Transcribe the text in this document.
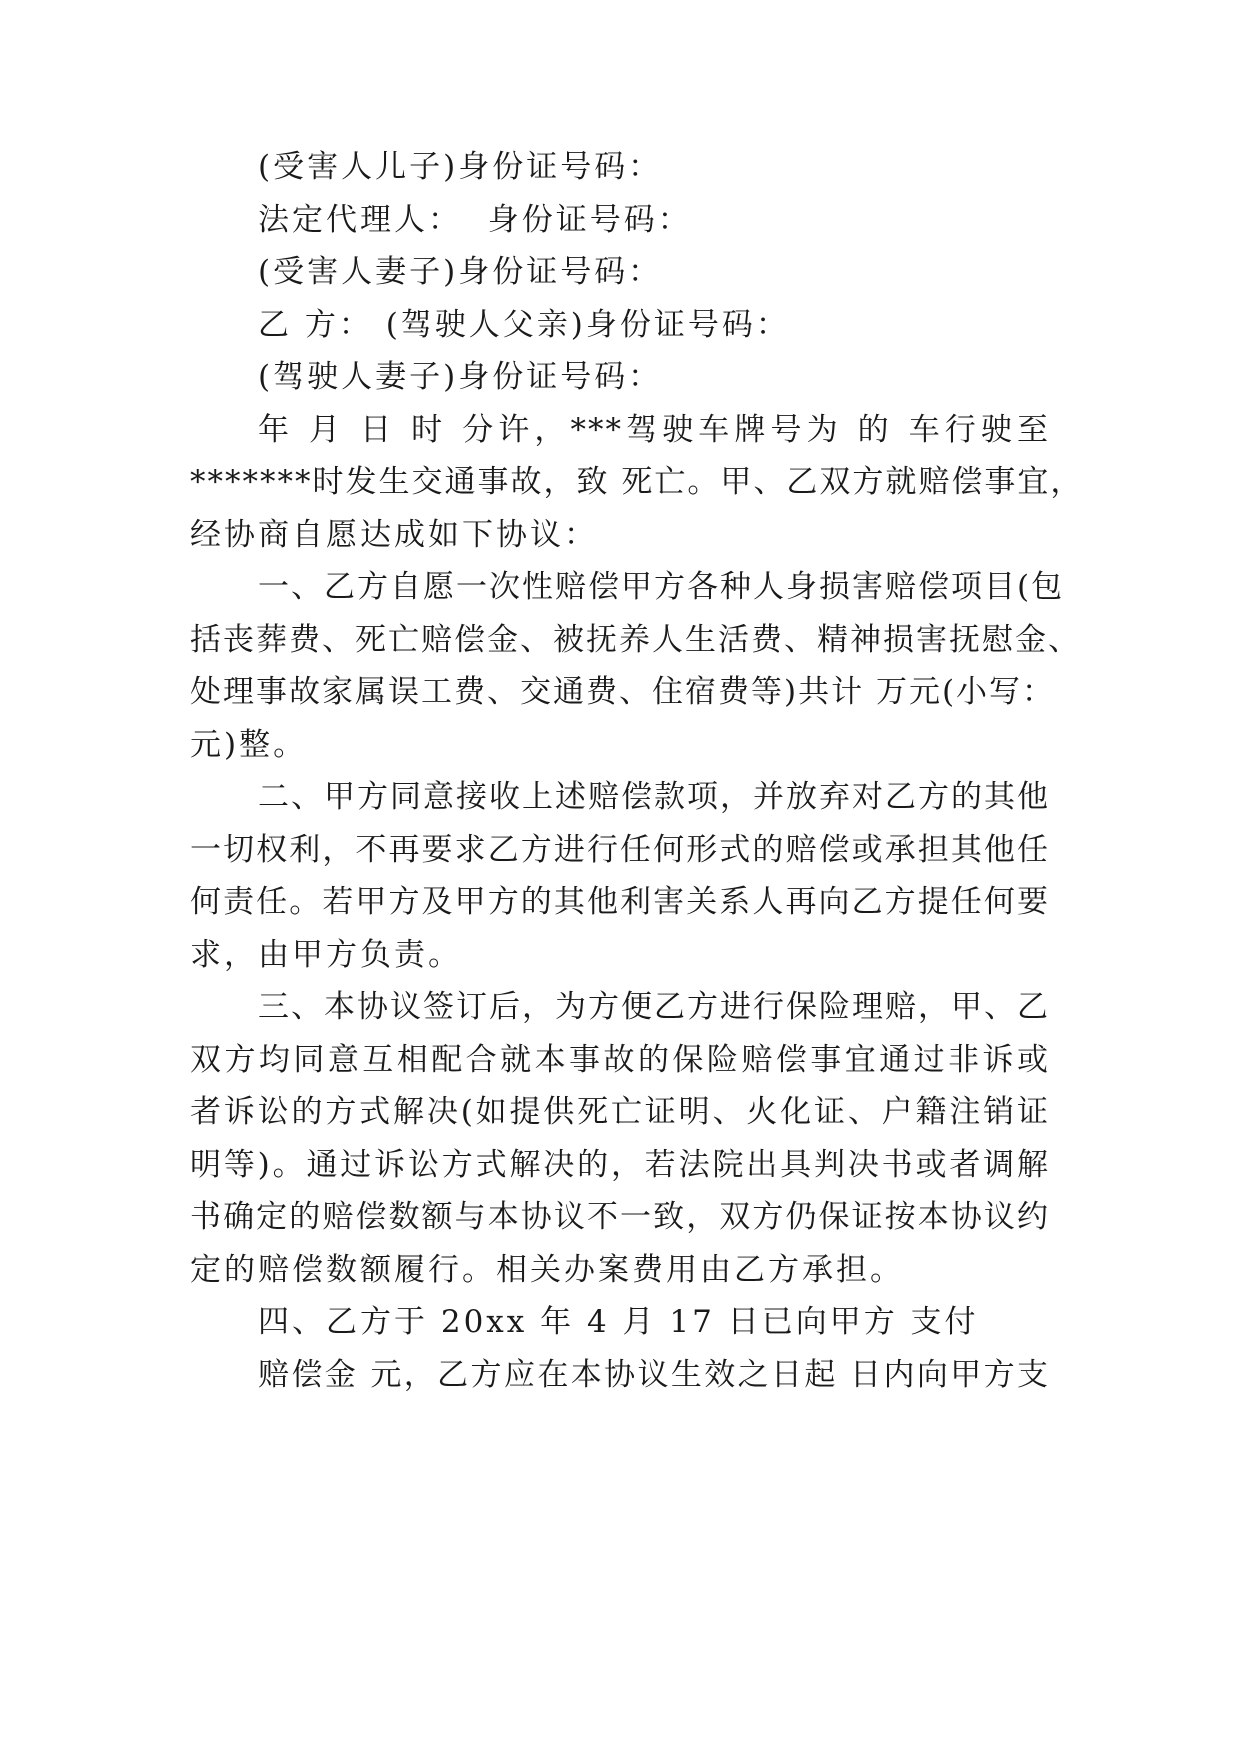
(受害人儿子)身份证号码：
法定代理人：  身份证号码：
(受害人妻子)身份证号码：
乙 方： (驾驶人父亲)身份证号码：
(驾驶人妻子)身份证号码：
年 月 日 时 分许，***驾驶车牌号为 的 车行驶至
*******时发生交通事故，致 死亡。甲、乙双方就赔偿事宜，
经协商自愿达成如下协议：
一、乙方自愿一次性赔偿甲方各种人身损害赔偿项目(包
括丧葬费、死亡赔偿金、被抚养人生活费、精神损害抚慰金、
处理事故家属误工费、交通费、住宿费等)共计 万元(小写：
元)整。
二、甲方同意接收上述赔偿款项，并放弃对乙方的其他
一切权利，不再要求乙方进行任何形式的赔偿或承担其他任
何责任。若甲方及甲方的其他利害关系人再向乙方提任何要
求，由甲方负责。
三、本协议签订后，为方便乙方进行保险理赔，甲、乙
双方均同意互相配合就本事故的保险赔偿事宜通过非诉或
者诉讼的方式解决(如提供死亡证明、火化证、户籍注销证
明等)。通过诉讼方式解决的，若法院出具判决书或者调解
书确定的赔偿数额与本协议不一致，双方仍保证按本协议约
定的赔偿数额履行。相关办案费用由乙方承担。
四、乙方于 20xx 年 4 月 17 日已向甲方 支付
赔偿金 元，乙方应在本协议生效之日起 日内向甲方支
